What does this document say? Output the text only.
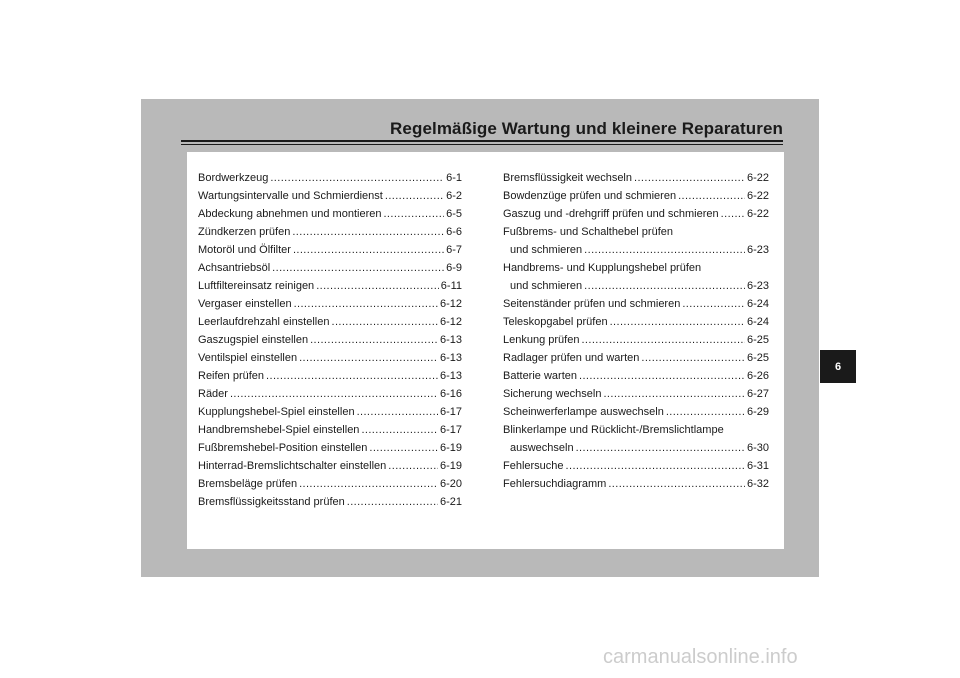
Regelmäßige Wartung und kleinere Reparaturen
Bordwerkzeug .....	6-1
Wartungsintervalle und Schmierdienst .....	6-2
Abdeckung abnehmen und montieren .....	6-5
Zündkerzen prüfen .....	6-6
Motoröl und Ölfilter .....	6-7
Achsantriebsöl .....	6-9
Luftfiltereinsatz reinigen .....	6-11
Vergaser einstellen .....	6-12
Leerlaufdrehzahl einstellen .....	6-12
Gaszugspiel einstellen .....	6-13
Ventilspiel einstellen .....	6-13
Reifen prüfen .....	6-13
Räder .....	6-16
Kupplungshebel-Spiel einstellen .....	6-17
Handbremshebel-Spiel einstellen .....	6-17
Fußbremshebel-Position einstellen .....	6-19
Hinterrad-Bremslichtschalter einstellen .....	6-19
Bremsbeläge prüfen .....	6-20
Bremsflüssigkeitsstand prüfen .....	6-21
Bremsflüssigkeit wechseln .....	6-22
Bowdenzüge prüfen und schmieren .....	6-22
Gaszug und -drehgriff prüfen und schmieren .....	6-22
Fußbrems- und Schalthebel prüfen
und schmieren .....	6-23
Handbrems- und Kupplungshebel prüfen
und schmieren .....	6-23
Seitenständer prüfen und schmieren .....	6-24
Teleskopgabel prüfen .....	6-24
Lenkung prüfen .....	6-25
Radlager prüfen und warten .....	6-25
Batterie warten .....	6-26
Sicherung wechseln .....	6-27
Scheinwerferlampe auswechseln .....	6-29
Blinkerlampe und Rücklicht-/Bremslichtlampe
auswechseln .....	6-30
Fehlersuche .....	6-31
Fehlersuchdiagramm .....	6-32
6
carmanualsonline.info
